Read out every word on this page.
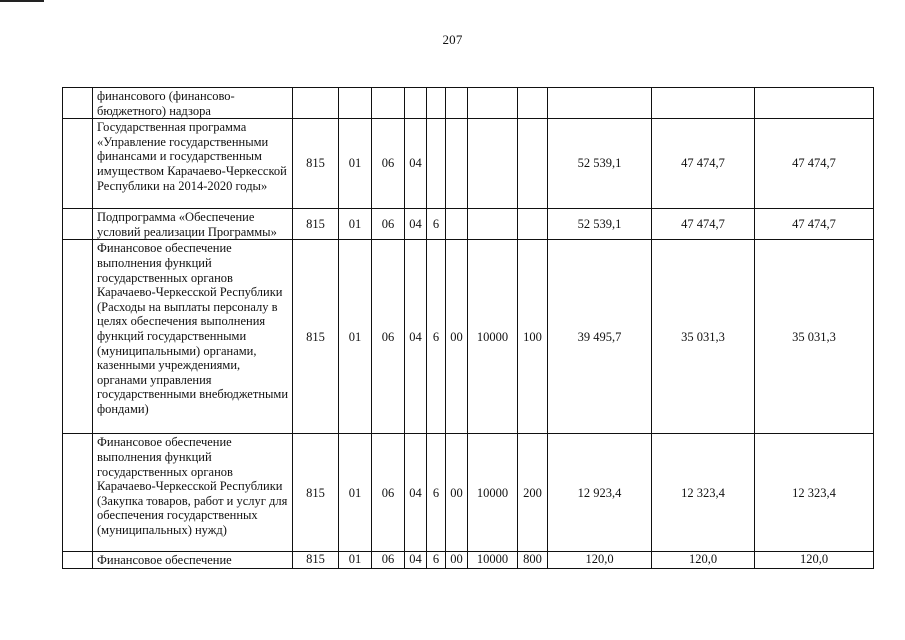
207
	финансового (финансово-бюджетного) надзора											
	Государственная программа «Управление государственными финансами и государственным имуществом Карачаево-Черкесской Республики на 2014-2020 годы»	815	01	06	04					52 539,1	47 474,7	47 474,7
	Подпрограмма «Обеспечение условий реализации Программы»	815	01	06	04	6				52 539,1	47 474,7	47 474,7
	Финансовое обеспечение выполнения функций государственных органов Карачаево-Черкесской Республики (Расходы на выплаты персоналу в целях обеспечения выполнения функций государственными (муниципальными) органами, казенными учреждениями, органами управления государственными внебюджетными фондами)	815	01	06	04	6	00	10000	100	39 495,7	35 031,3	35 031,3
	Финансовое обеспечение выполнения функций государственных органов Карачаево-Черкесской Республики (Закупка товаров, работ и услуг для обеспечения государственных (муниципальных) нужд)	815	01	06	04	6	00	10000	200	12 923,4	12 323,4	12 323,4
	Финансовое обеспечение	815	01	06	04	6	00	10000	800	120,0	120,0	120,0
